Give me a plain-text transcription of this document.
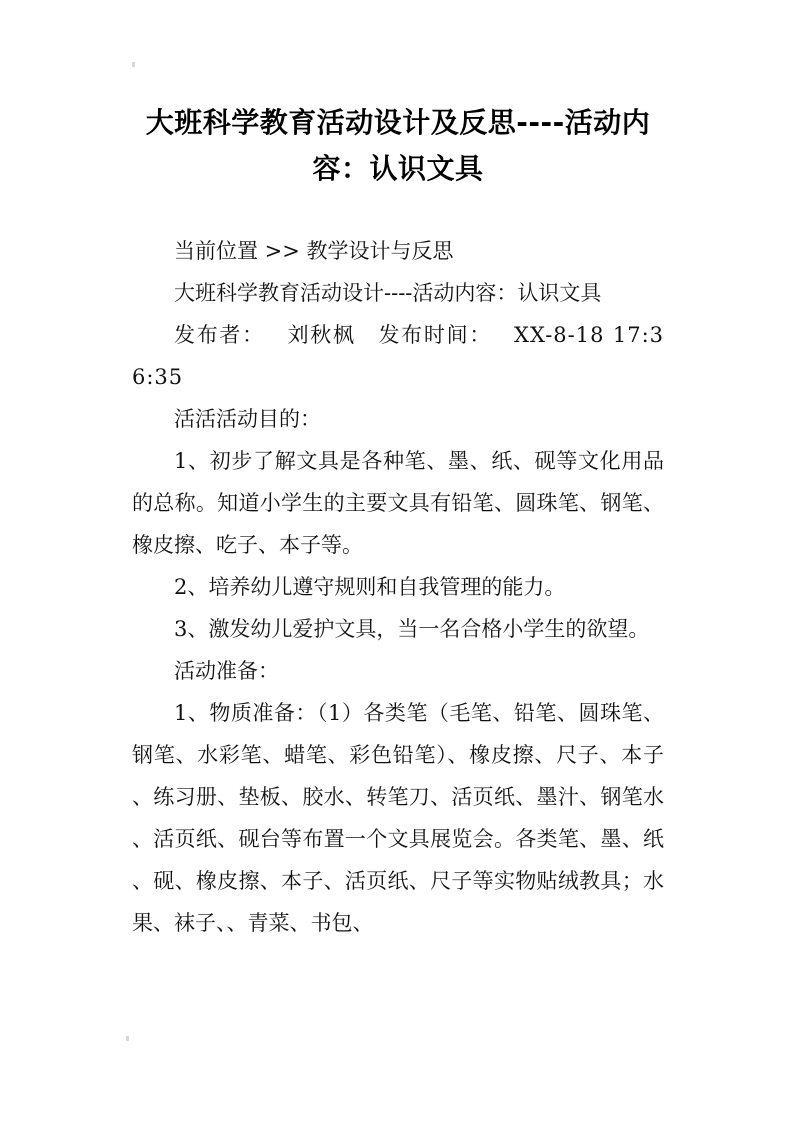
大班科学教育活动设计及反思----活动内容：认识文具

当前位置 >> 教学设计与反思

大班科学教育活动设计----活动内容：认识文具

发布者： 刘秋枫 发布时间： XX-8-18 17:36:35

活活活动目的：

1、初步了解文具是各种笔、墨、纸、砚等文化用品的总称。知道小学生的主要文具有铅笔、圆珠笔、钢笔、橡皮擦、吃子、本子等。

2、培养幼儿遵守规则和自我管理的能力。

3、激发幼儿爱护文具，当一名合格小学生的欲望。

活动准备：

1、物质准备：（1）各类笔（毛笔、铅笔、圆珠笔、钢笔、水彩笔、蜡笔、彩色铅笔）、橡皮擦、尺子、本子、练习册、垫板、胶水、转笔刀、活页纸、墨汁、钢笔水、活页纸、砚台等布置一个文具展览会。各类笔、墨、纸、砚、橡皮擦、本子、活页纸、尺子等实物贴绒教具；水果、袜子、、青菜、书包、
